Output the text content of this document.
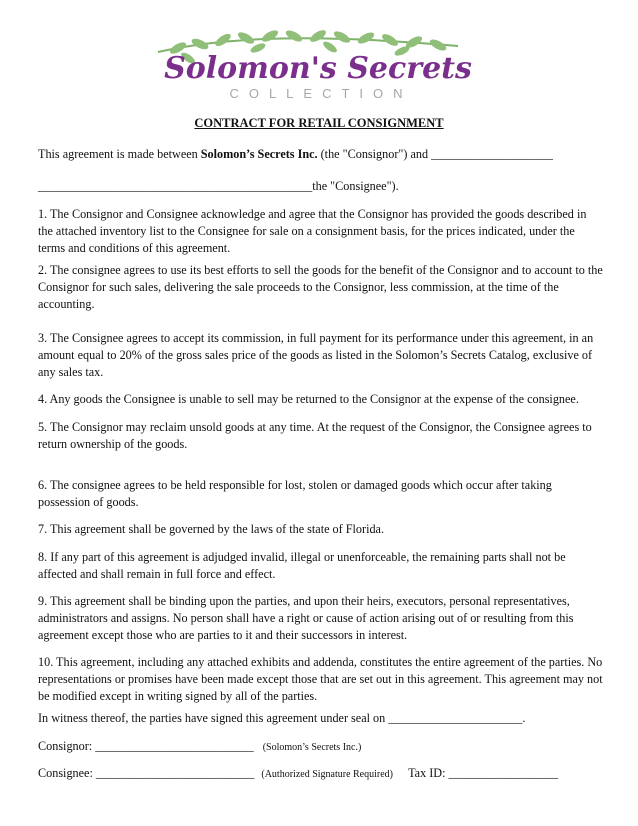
Solomon's Secrets
COLLECTION
CONTRACT FOR RETAIL CONSIGNMENT
This agreement is made between Solomon’s Secrets Inc. (the "Consignor") and ____________________
_____________________________________________the "Consignee").
1. The Consignor and Consignee acknowledge and agree that the Consignor has provided the goods described in the attached inventory list to the Consignee for sale on a consignment basis, for the prices indicated, under the terms and conditions of this agreement.
2. The consignee agrees to use its best efforts to sell the goods for the benefit of the Consignor and to account to the Consignor for such sales, delivering the sale proceeds to the Consignor, less commission, at the time of the accounting.
3. The Consignee agrees to accept its commission, in full payment for its performance under this agreement, in an amount equal to 20% of the gross sales price of the goods as listed in the Solomon’s Secrets Catalog, exclusive of any sales tax.
4. Any goods the Consignee is unable to sell may be returned to the Consignor at the expense of the consignee.
5. The Consignor may reclaim unsold goods at any time. At the request of the Consignor, the Consignee agrees to return ownership of the goods.
6. The consignee agrees to be held responsible for lost, stolen or damaged goods which occur after taking possession of goods.
7. This agreement shall be governed by the laws of the state of Florida.
8. If any part of this agreement is adjudged invalid, illegal or unenforceable, the remaining parts shall not be affected and shall remain in full force and effect.
9. This agreement shall be binding upon the parties, and upon their heirs, executors, personal representatives, administrators and assigns. No person shall have a right or cause of action arising out of or resulting from this agreement except those who are parties to it and their successors in interest.
10. This agreement, including any attached exhibits and addenda, constitutes the entire agreement of the parties. No representations or promises have been made except those that are set out in this agreement. This agreement may not be modified except in writing signed by all of the parties.
In witness thereof, the parties have signed this agreement under seal on ______________________.
Consignor: __________________________ (Solomon’s Secrets Inc.)
Consignee: __________________________ (Authorized Signature Required) Tax ID: __________________
